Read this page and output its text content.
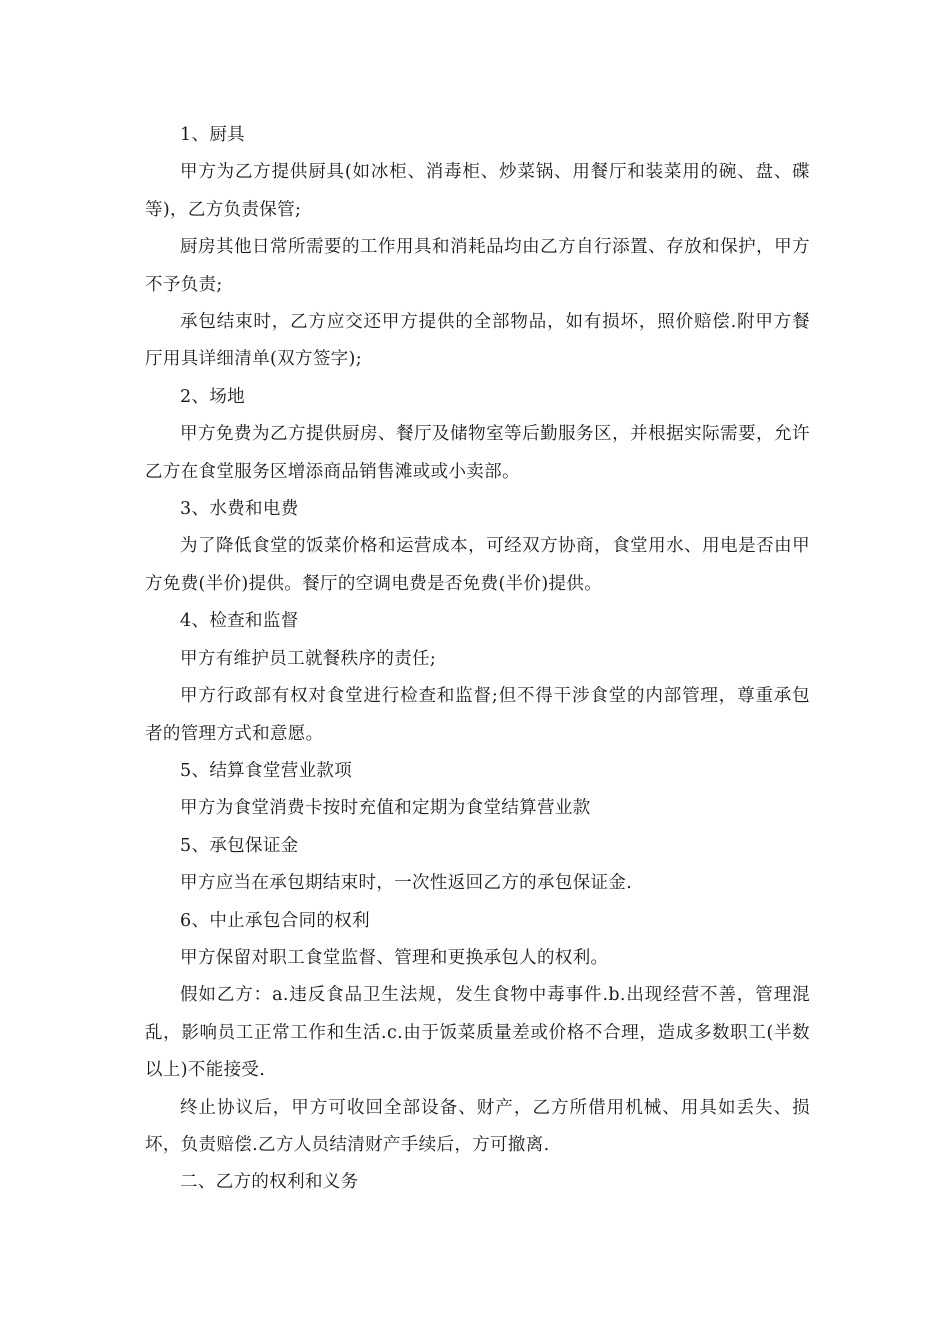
1、厨具

甲方为乙方提供厨具(如冰柜、消毒柜、炒菜锅、用餐厅和装菜用的碗、盘、碟等)，乙方负责保管;

厨房其他日常所需要的工作用具和消耗品均由乙方自行添置、存放和保护，甲方不予负责;

承包结束时，乙方应交还甲方提供的全部物品，如有损坏，照价赔偿.附甲方餐厅用具详细清单(双方签字);

2、场地

甲方免费为乙方提供厨房、餐厅及储物室等后勤服务区，并根据实际需要，允许乙方在食堂服务区增添商品销售滩或或小卖部。

3、水费和电费

为了降低食堂的饭菜价格和运营成本，可经双方协商，食堂用水、用电是否由甲方免费(半价)提供。餐厅的空调电费是否免费(半价)提供。

4、检查和监督

甲方有维护员工就餐秩序的责任;

甲方行政部有权对食堂进行检查和监督;但不得干涉食堂的内部管理，尊重承包者的管理方式和意愿。

5、结算食堂营业款项

甲方为食堂消费卡按时充值和定期为食堂结算营业款

5、承包保证金

甲方应当在承包期结束时，一次性返回乙方的承包保证金.

6、中止承包合同的权利

甲方保留对职工食堂监督、管理和更换承包人的权利。

假如乙方：a.违反食品卫生法规，发生食物中毒事件.b.出现经营不善，管理混乱，影响员工正常工作和生活.c.由于饭菜质量差或价格不合理，造成多数职工(半数以上)不能接受.

终止协议后，甲方可收回全部设备、财产，乙方所借用机械、用具如丢失、损坏，负责赔偿.乙方人员结清财产手续后，方可撤离.

二、乙方的权利和义务
